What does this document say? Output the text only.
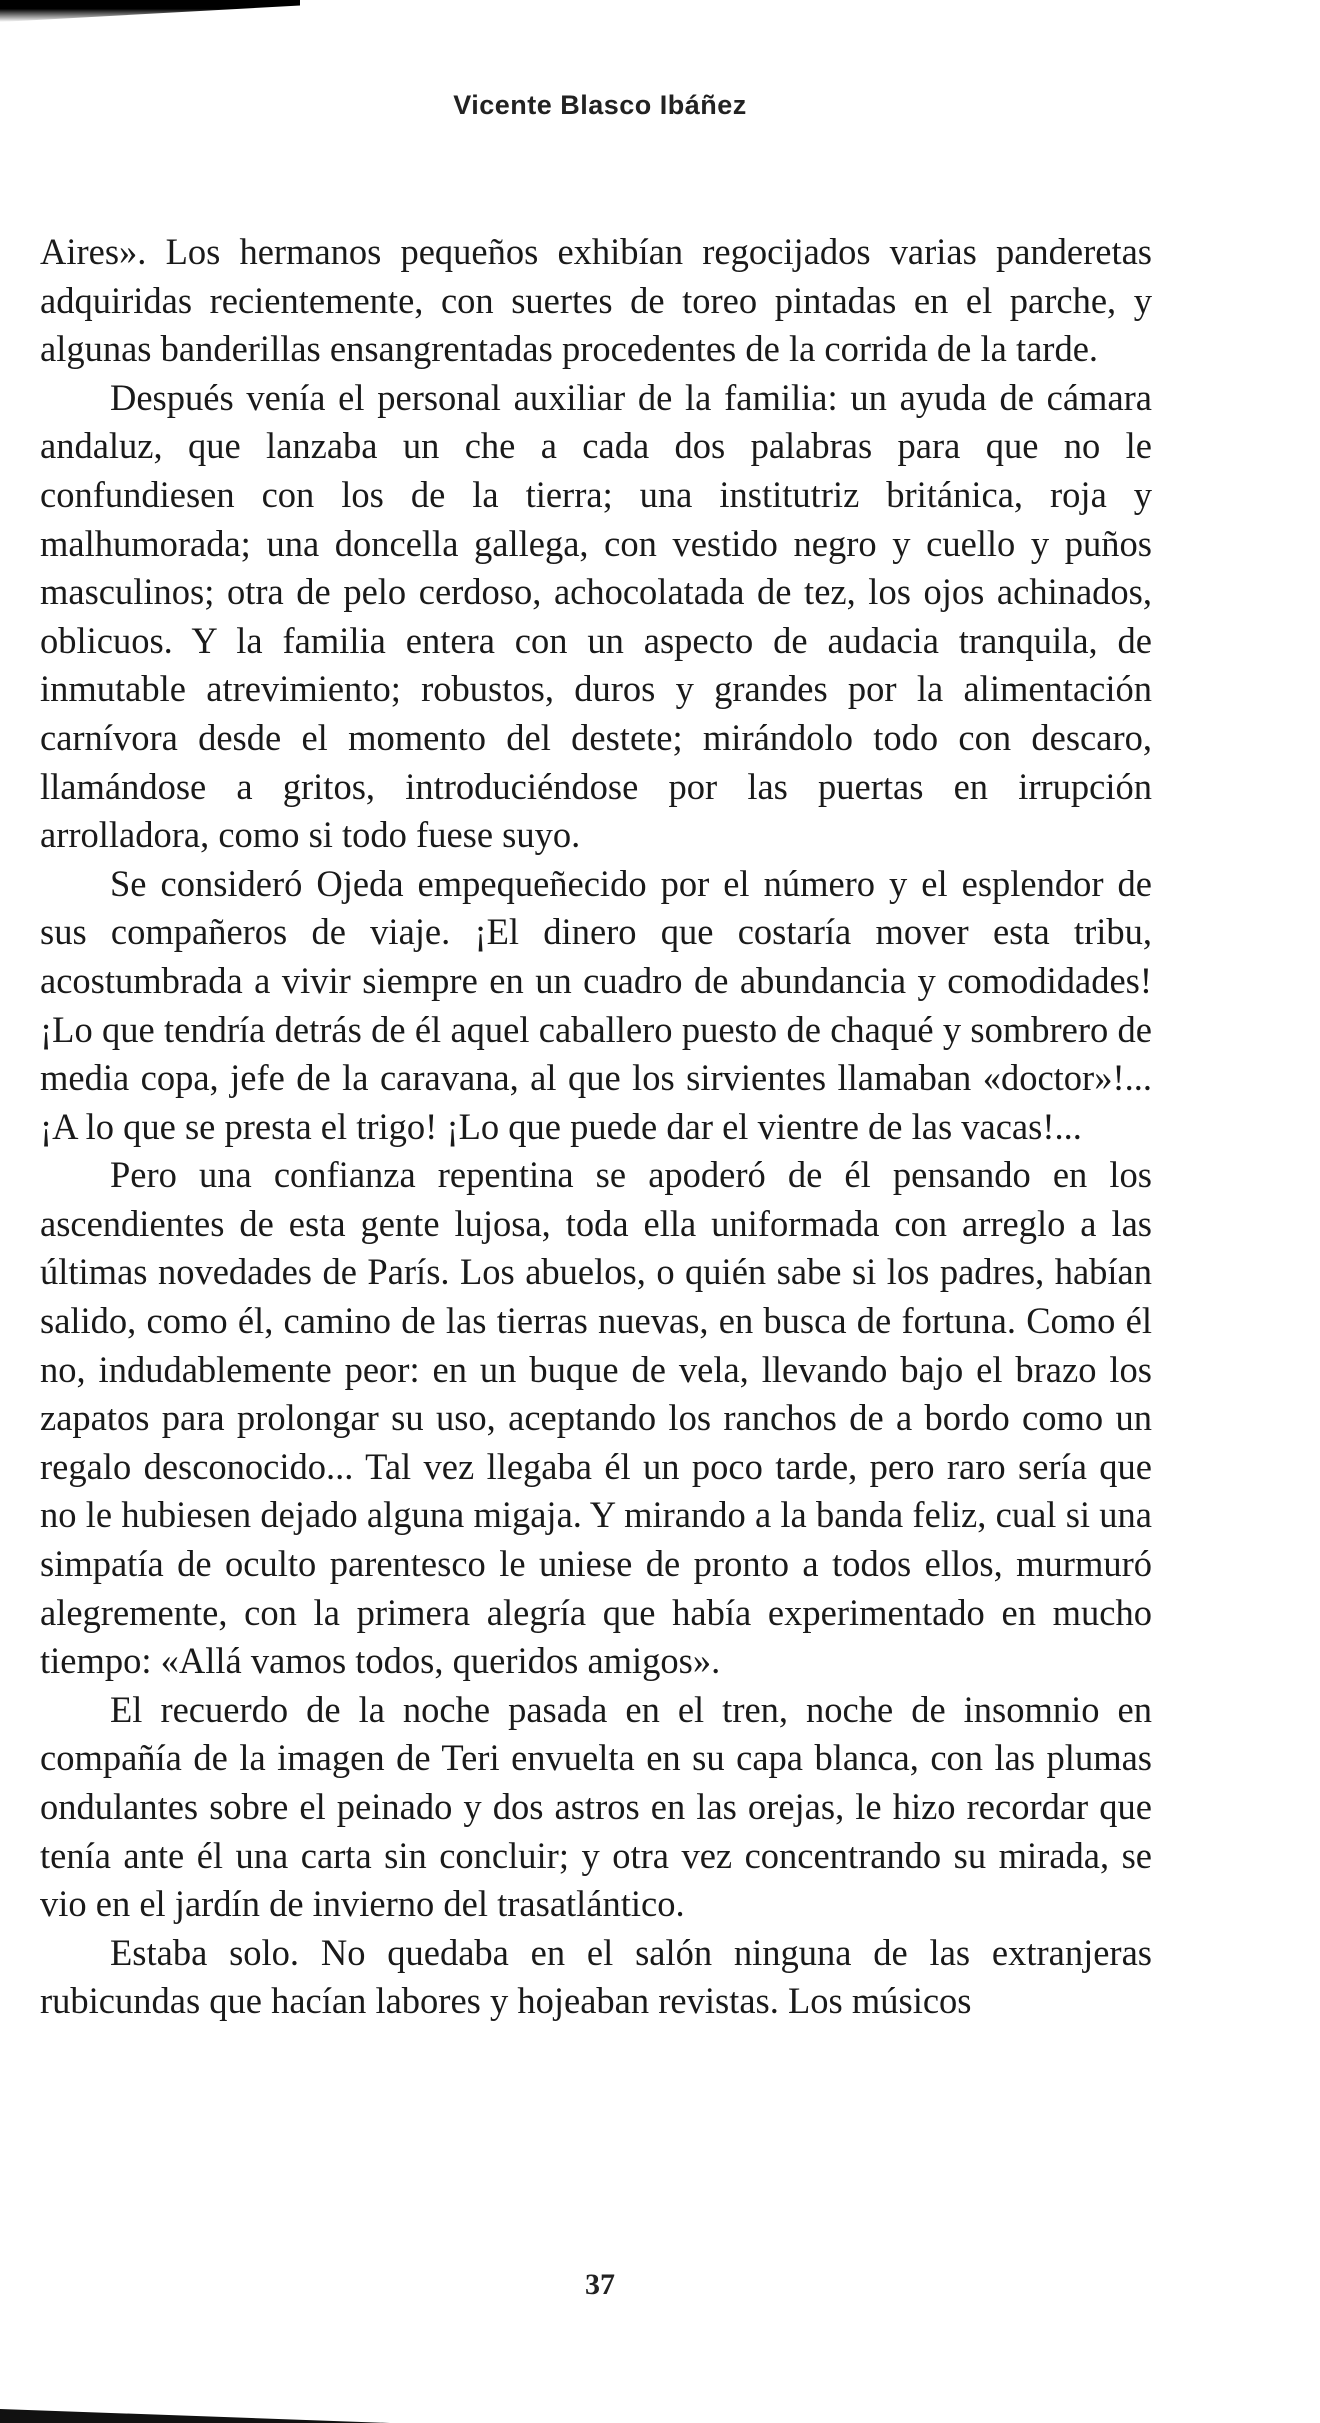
Vicente Blasco Ibáñez

Aires». Los hermanos pequeños exhibían regocijados varias panderetas adquiridas recientemente, con suertes de toreo pintadas en el parche, y algunas banderillas ensangrentadas procedentes de la corrida de la tarde.

Después venía el personal auxiliar de la familia: un ayuda de cámara andaluz, que lanzaba un che a cada dos palabras para que no le confundiesen con los de la tierra; una institutriz británica, roja y malhumorada; una doncella gallega, con vestido negro y cuello y puños masculinos; otra de pelo cerdoso, achocolatada de tez, los ojos achinados, oblicuos. Y la familia entera con un aspecto de audacia tranquila, de inmutable atrevimiento; robustos, duros y grandes por la alimentación carnívora desde el momento del destete; mirándolo todo con descaro, llamándose a gritos, introduciéndose por las puertas en irrupción arrolladora, como si todo fuese suyo.

Se consideró Ojeda empequeñecido por el número y el esplendor de sus compañeros de viaje. ¡El dinero que costaría mover esta tribu, acostumbrada a vivir siempre en un cuadro de abundancia y comodidades! ¡Lo que tendría detrás de él aquel caballero puesto de chaqué y sombrero de media copa, jefe de la caravana, al que los sirvientes llamaban «doctor»!... ¡A lo que se presta el trigo! ¡Lo que puede dar el vientre de las vacas!...

Pero una confianza repentina se apoderó de él pensando en los ascendientes de esta gente lujosa, toda ella uniformada con arreglo a las últimas novedades de París. Los abuelos, o quién sabe si los padres, habían salido, como él, camino de las tierras nuevas, en busca de fortuna. Como él no, indudablemente peor: en un buque de vela, llevando bajo el brazo los zapatos para prolongar su uso, aceptando los ranchos de a bordo como un regalo desconocido... Tal vez llegaba él un poco tarde, pero raro sería que no le hubiesen dejado alguna migaja. Y mirando a la banda feliz, cual si una simpatía de oculto parentesco le uniese de pronto a todos ellos, murmuró alegremente, con la primera alegría que había experimentado en mucho tiempo: «Allá vamos todos, queridos amigos».

El recuerdo de la noche pasada en el tren, noche de insomnio en compañía de la imagen de Teri envuelta en su capa blanca, con las plumas ondulantes sobre el peinado y dos astros en las orejas, le hizo recordar que tenía ante él una carta sin concluir; y otra vez concentrando su mirada, se vio en el jardín de invierno del trasatlántico.

Estaba solo. No quedaba en el salón ninguna de las extranjeras rubicundas que hacían labores y hojeaban revistas. Los músicos

37
